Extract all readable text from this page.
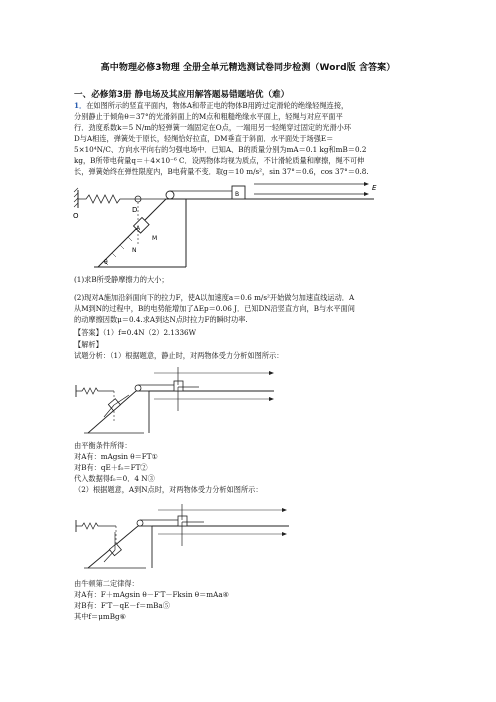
高中物理必修3物理 全册全单元精选测试卷同步检测（Word版 含答案）
一、必修第3册 静电场及其应用解答题易错题培优（难）
1．在如图所示的竖直平面内，物体A和带正电的物体B用跨过定滑轮的绝缘轻绳连接，
分别静止于倾角θ＝37°的光滑斜面上的M点和粗糙绝缘水平面上，轻绳与对应平面平
行．劲度系数k＝5 N/m的轻弹簧一端固定在O点，一端用另一轻绳穿过固定的光滑小环
D与A相连，弹簧处于原长，轻绳恰好拉直，DM垂直于斜面．水平面处于场强E＝
5×10⁴N/C、方向水平向右的匀强电场中．已知A、B的质量分别为mA＝0.1 kg和mB＝0.2
kg，B所带电荷量q＝＋4×10⁻⁶ C．设两物体均视为质点，不计滑轮质量和摩擦，绳不可伸
长，弹簧始终在弹性限度内，B电荷量不变．取g＝10 m/s²，sin 37°＝0.6，cos 37°＝0.8.
O
D
θ
A
M
N
B
E
(1)求B所受静摩擦力的大小；
(2)现对A施加沿斜面向下的拉力F，使A以加速度a＝0.6 m/s²开始做匀加速直线运动．A
从M到N的过程中，B的电势能增加了ΔEp＝0.06 J．已知DN沿竖直方向，B与水平面间
的动摩擦因数μ＝0.4.求A到达N点时拉力F的瞬时功率.
【答案】（1）f=0.4N（2）2.1336W
【解析】
试题分析：（1）根据题意，静止时，对两物体受力分析如图所示：
由平衡条件所得：
对A有：mAgsin θ＝FT①
对B有：qE＋f₀＝FT②
代入数据得f₀＝0．4 N③
（2）根据题意，A到N点时，对两物体受力分析如图所示：
由牛顿第二定律得：
对A有：F＋mAgsin θ－F′T－Fksin θ＝mAa④
对B有：F′T－qE－f＝mBa⑤
其中f＝μmBg⑥
